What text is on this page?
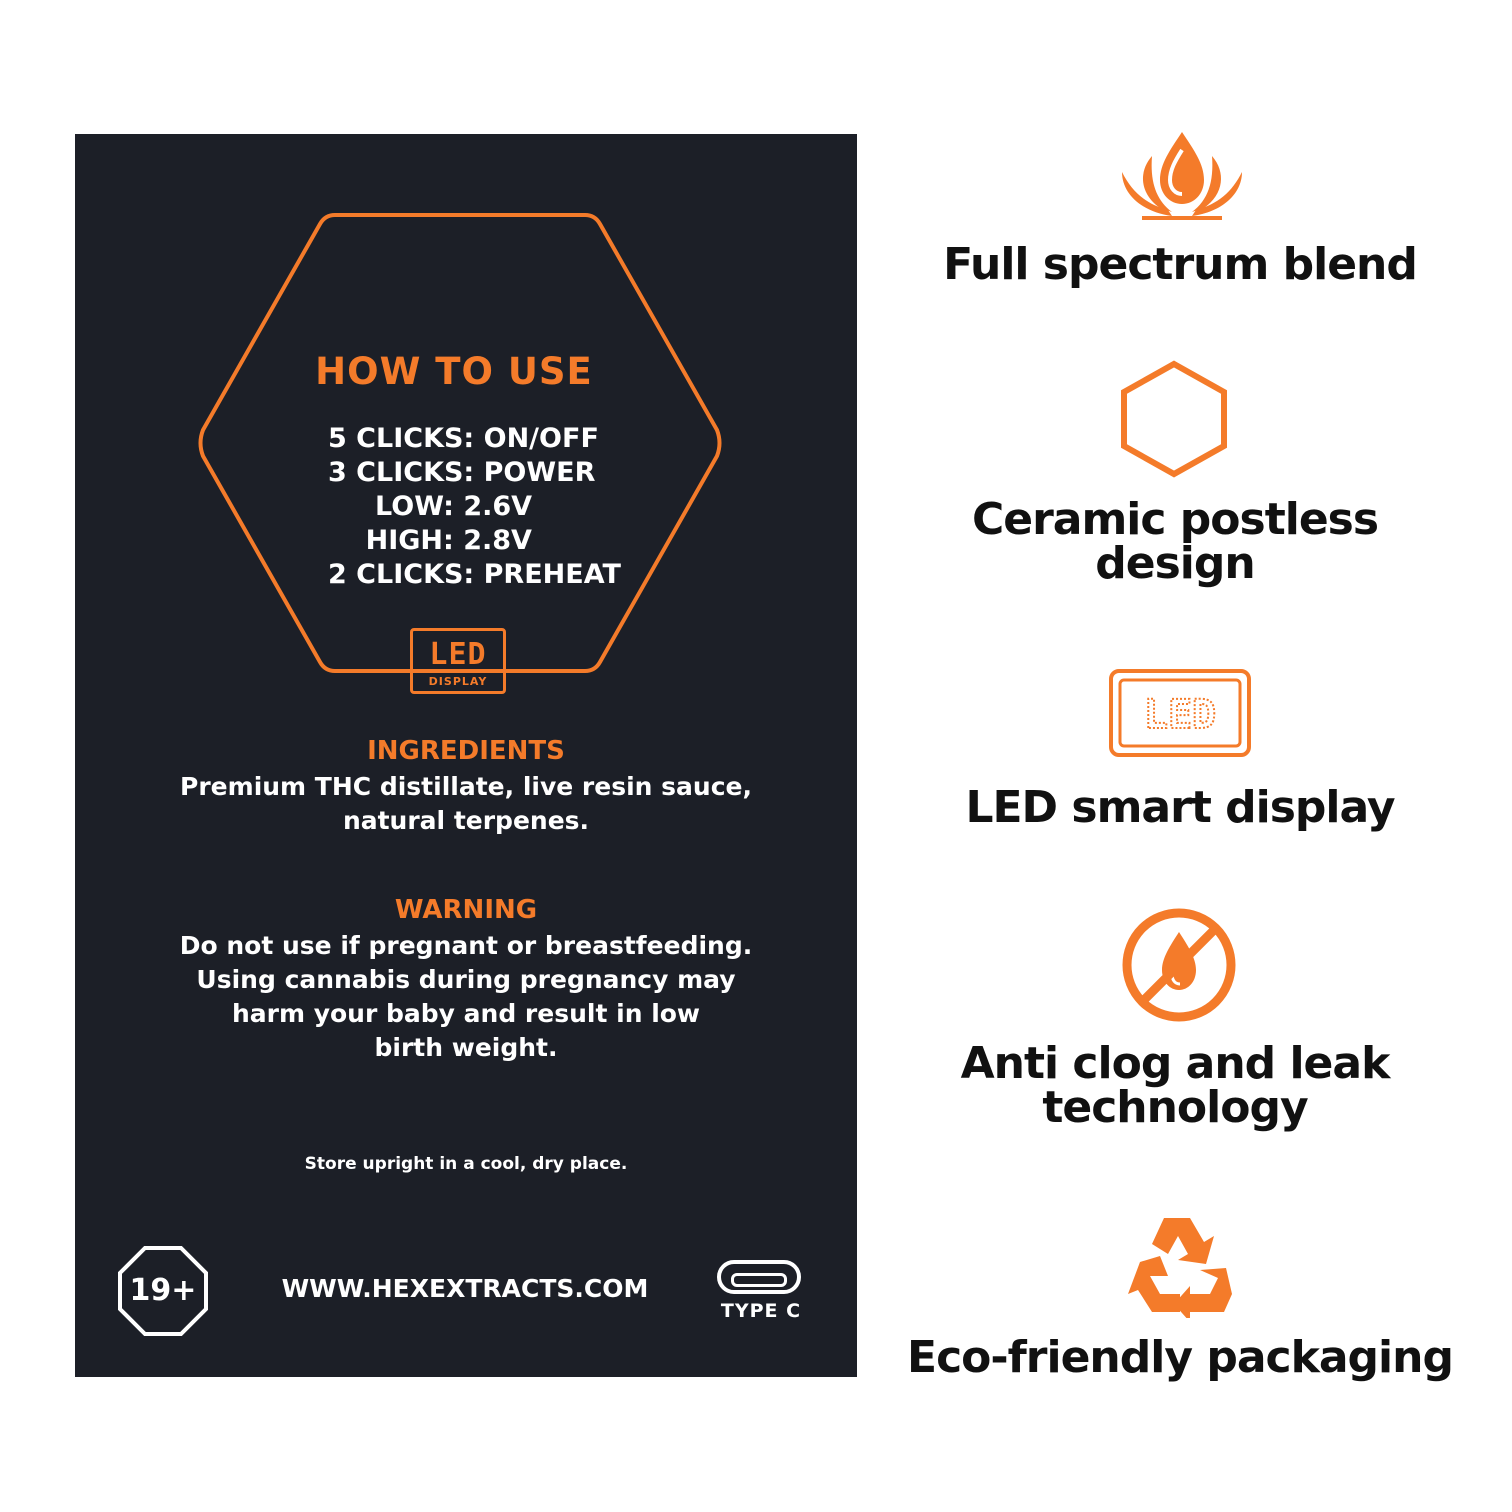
HOW TO USE
5 CLICKS: ON/OFF
3 CLICKS: POWER
LOW: 2.6V
HIGH: 2.8V
2 CLICKS: PREHEAT
LED
DISPLAY
INGREDIENTS
Premium THC distillate, live resin sauce,
natural terpenes.
WARNING
Do not use if pregnant or breastfeeding.
Using cannabis during pregnancy may
harm your baby and result in low
birth weight.
Store upright in a cool, dry place.
19+	WWW.HEXEXTRACTS.COM
TYPE C
Full spectrum blend
Ceramic postless design
LED
LED smart display
Anti clog and leak technology
Eco-friendly packaging
